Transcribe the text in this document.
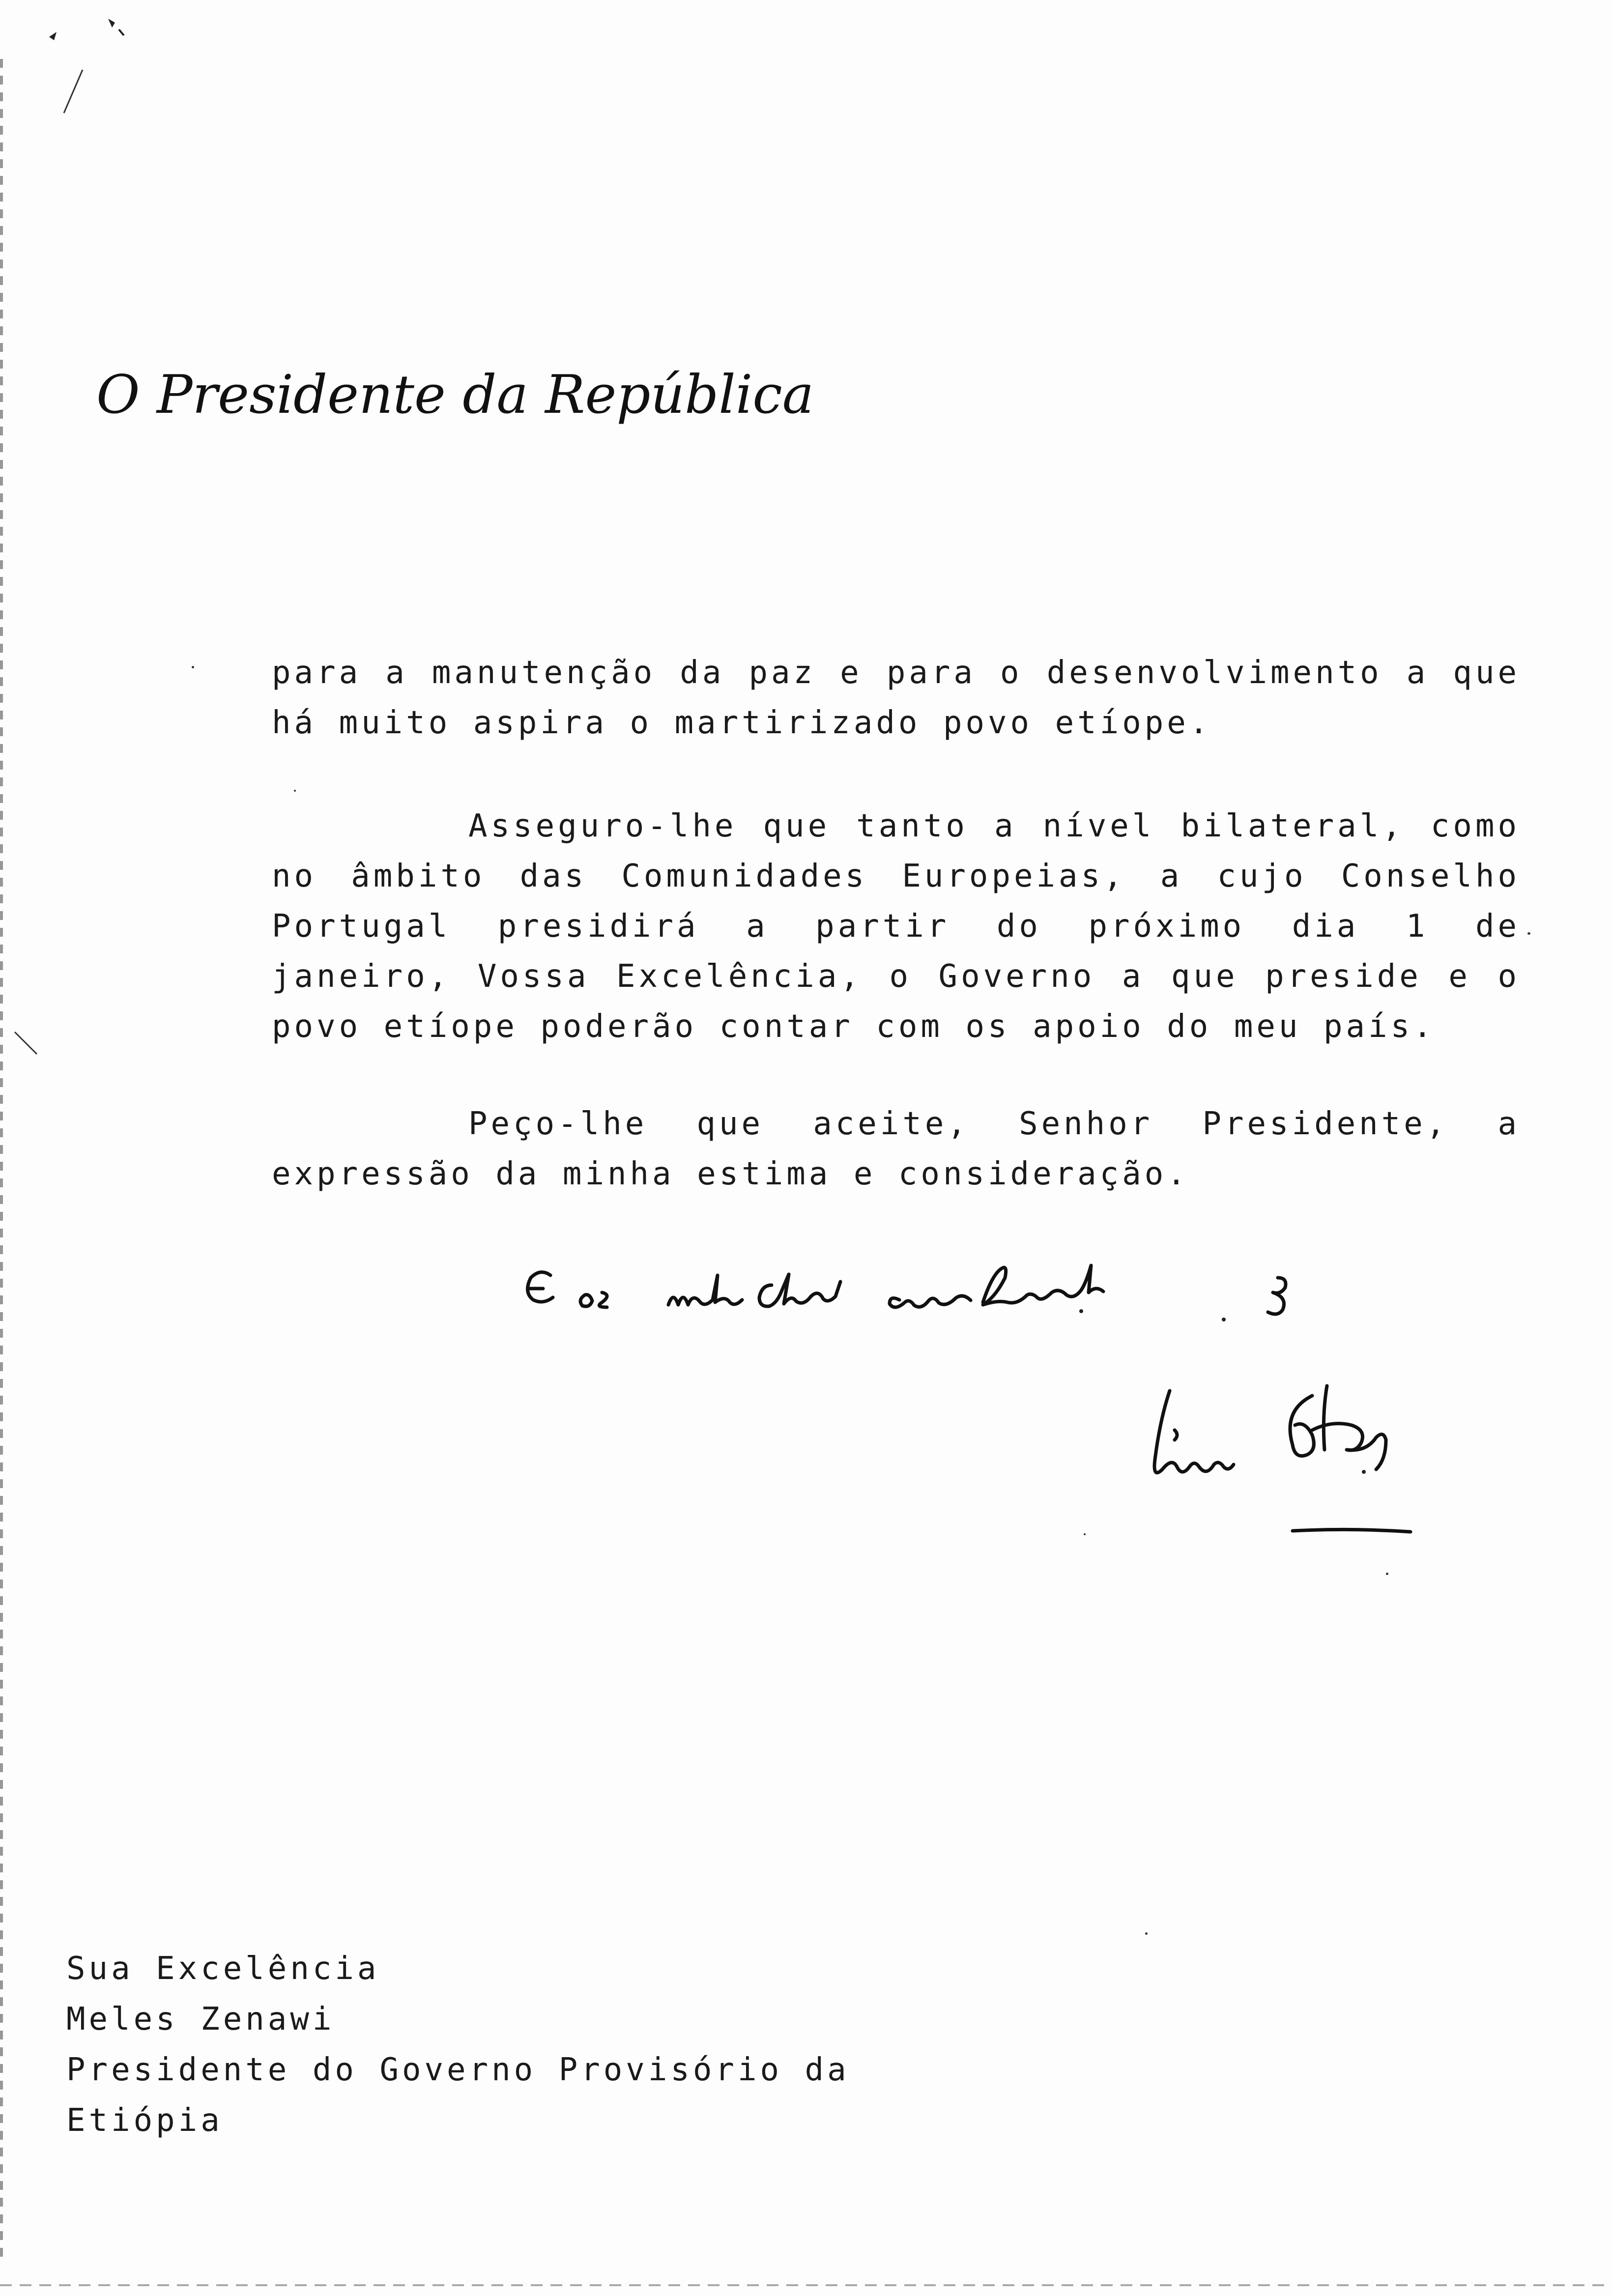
O Presidente da República

para a manutenção da paz e para o desenvolvimento a que há muito aspira o martirizado povo etíope.

Asseguro-lhe que tanto a nível bilateral, como no âmbito das Comunidades Europeias, a cujo Conselho Portugal presidirá a partir do próximo dia 1 de janeiro, Vossa Excelência, o Governo a que preside e o povo etíope poderão contar com os apoio do meu país.

Peço-lhe que aceite, Senhor Presidente, a expressão da minha estima e consideração.

Sua Excelência
Meles Zenawi
Presidente do Governo Provisório da
Etiópia
